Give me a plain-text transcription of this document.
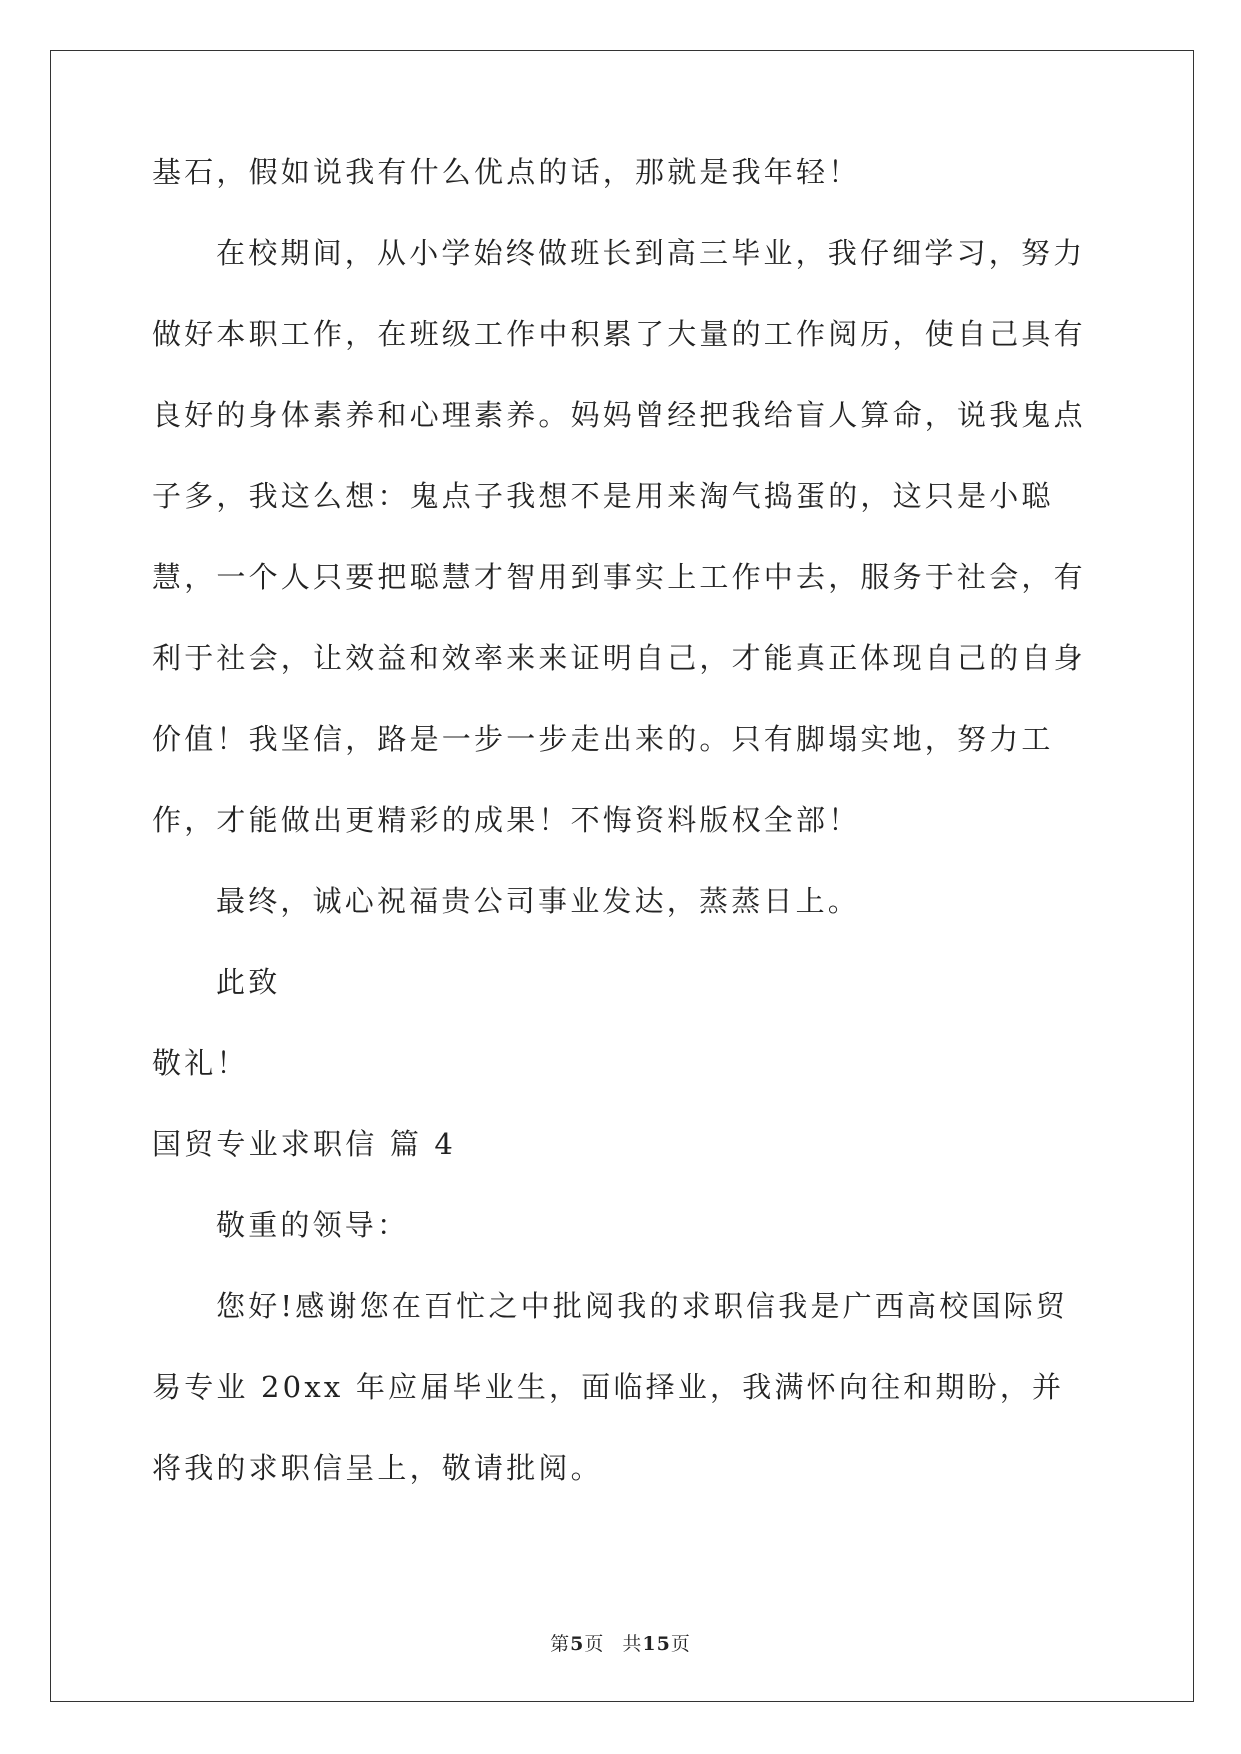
基石，假如说我有什么优点的话，那就是我年轻！

在校期间，从小学始终做班长到高三毕业，我仔细学习，努力做好本职工作，在班级工作中积累了大量的工作阅历，使自己具有良好的身体素养和心理素养。妈妈曾经把我给盲人算命，说我鬼点子多，我这么想：鬼点子我想不是用来淘气捣蛋的，这只是小聪慧，一个人只要把聪慧才智用到事实上工作中去，服务于社会，有利于社会，让效益和效率来来证明自己，才能真正体现自己的自身价值！我坚信，路是一步一步走出来的。只有脚塌实地，努力工作，才能做出更精彩的成果！不悔资料版权全部！

最终，诚心祝福贵公司事业发达，蒸蒸日上。

此致

敬礼！

国贸专业求职信 篇 4

敬重的领导：

您好!感谢您在百忙之中批阅我的求职信我是广西高校国际贸易专业 20xx 年应届毕业生，面临择业，我满怀向往和期盼，并将我的求职信呈上，敬请批阅。

第5页 共15页
